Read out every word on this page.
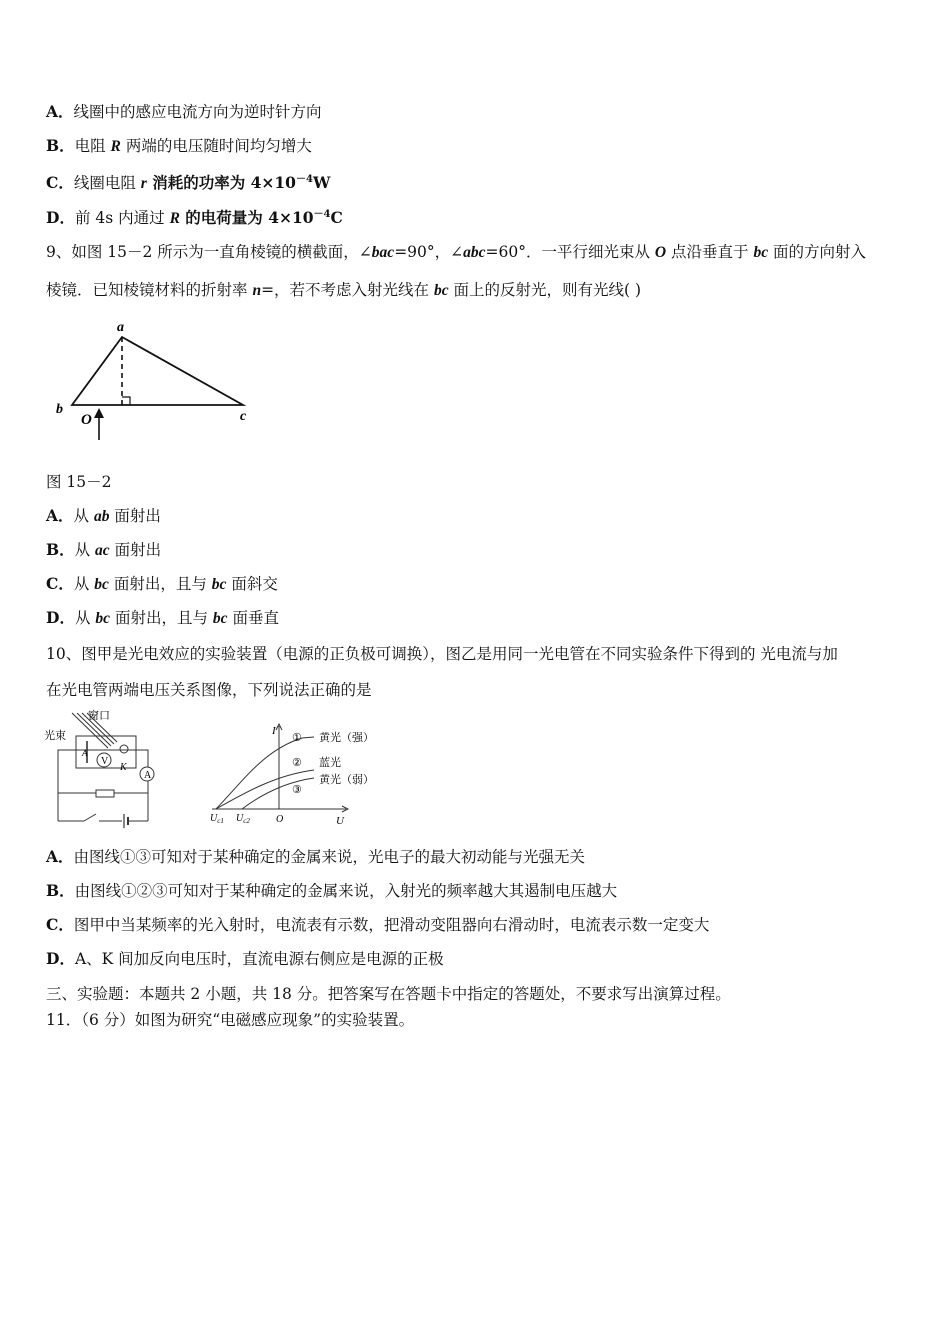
A．线圈中的感应电流方向为逆时针方向
B．电阻 R 两端的电压随时间均匀增大
C．线圈电阻 r 消耗的功率为 $4\times 10^{-4}W$
D．前 4s 内通过 R 的电荷量为 $4\times 10^{-4}C$
9、如图 15－2 所示为一直角棱镜的横截面，∠bac=90°，∠abc=60°．一平行细光束从 O 点沿垂直于 bc 面的方向射入
棱镜．已知棱镜材料的折射率 n=，若不考虑入射光线在 bc 面上的反射光，则有光线( )
a
b	c
O
图 15－2
A．从 ab 面射出
B．从 ac 面射出
C．从 bc 面射出，且与 bc 面斜交
D．从 bc 面射出，且与 bc 面垂直
10、图甲是光电效应的实验装置（电源的正负极可调换），图乙是用同一光电管在不同实验条件下得到的 光电流与加
在光电管两端电压关系图像，下列说法正确的是
A
V
窗口
光束
A
K
I
U
O
$U_{c1}$ $U_{c2}$
① 黄光（强）
② 蓝光
黄光（弱）
③
A．由图线①③可知对于某种确定的金属来说，光电子的最大初动能与光强无关
B．由图线①②③可知对于某种确定的金属来说，入射光的频率越大其遏制电压越大
C．图甲中当某频率的光入射时，电流表有示数，把滑动变阻器向右滑动时，电流表示数一定变大
D．A、K 间加反向电压时，直流电源右侧应是电源的正极
三、实验题：本题共 2 小题，共 18 分。把答案写在答题卡中指定的答题处，不要求写出演算过程。
11．（6 分）如图为研究“电磁感应现象”的实验装置。
